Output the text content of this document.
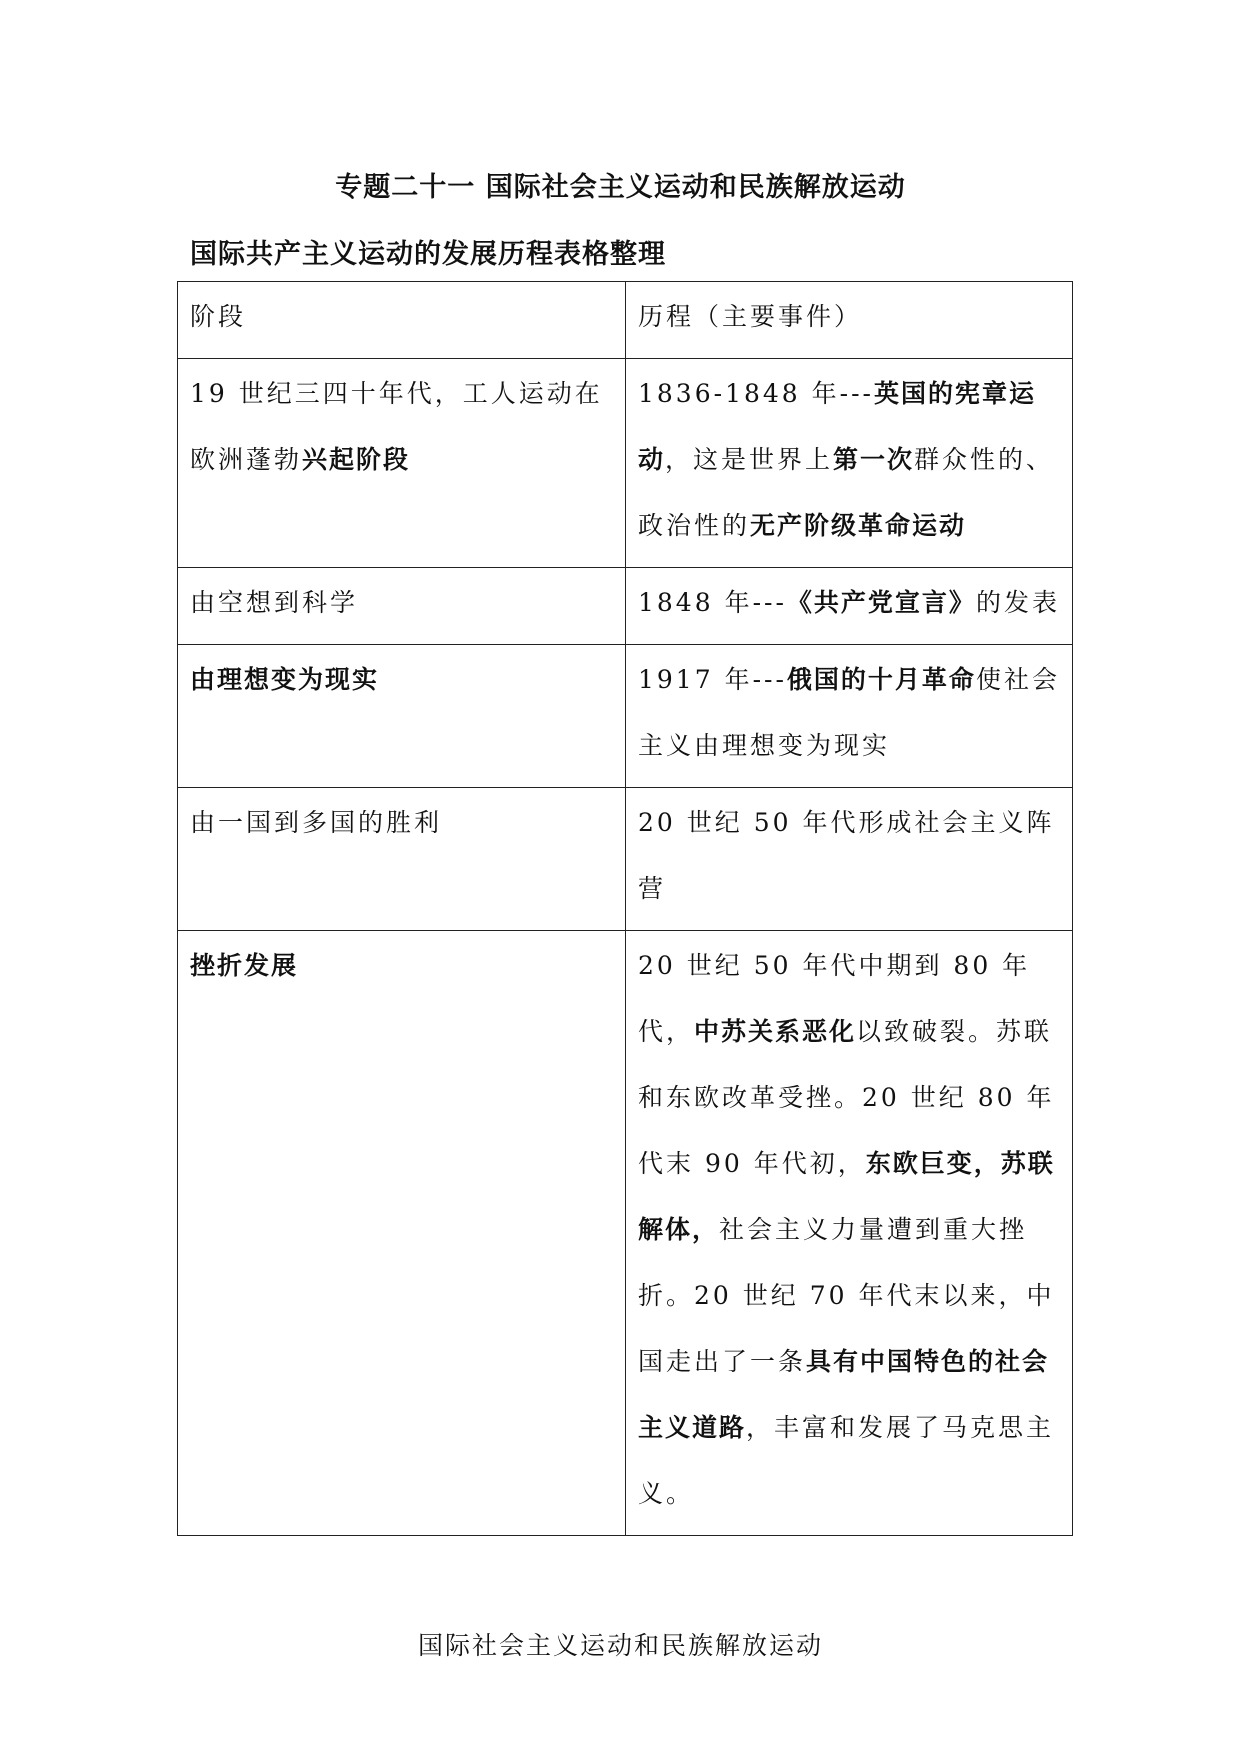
专题二十一 国际社会主义运动和民族解放运动
国际共产主义运动的发展历程表格整理
阶段	历程（主要事件）
19 世纪三四十年代，工人运动在欧洲蓬勃兴起阶段	1836-1848 年---英国的宪章运动，这是世界上第一次群众性的、政治性的无产阶级革命运动
由空想到科学	1848 年---《共产党宣言》的发表
由理想变为现实	1917 年---俄国的十月革命使社会主义由理想变为现实
由一国到多国的胜利	20 世纪 50 年代形成社会主义阵营
挫折发展	20 世纪 50 年代中期到 80 年代，中苏关系恶化以致破裂。苏联和东欧改革受挫。20 世纪 80 年代末 90 年代初，东欧巨变，苏联解体，社会主义力量遭到重大挫折。20 世纪 70 年代末以来，中国走出了一条具有中国特色的社会主义道路，丰富和发展了马克思主义。
国际社会主义运动和民族解放运动
